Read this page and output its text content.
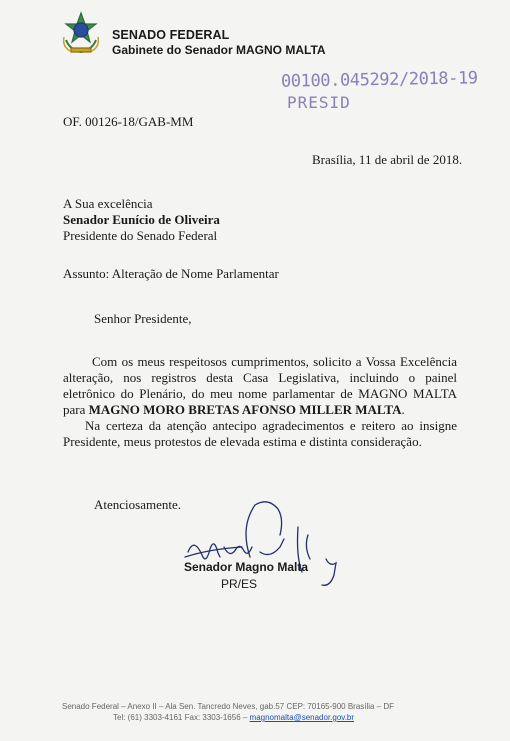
SENADO FEDERAL
Gabinete do Senador MAGNO MALTA
00100.045292/2018-19
PRESID
OF. 00126-18/GAB-MM
Brasília, 11 de abril de 2018.
A Sua excelência
Senador Eunício de Oliveira
Presidente do Senado Federal
Assunto: Alteração de Nome Parlamentar
Senhor Presidente,

Com os meus respeitosos cumprimentos, solicito a Vossa Excelência alteração, nos registros desta Casa Legislativa, incluindo o painel eletrônico do Plenário, do meu nome parlamentar de MAGNO MALTA para MAGNO MORO BRETAS AFONSO MILLER MALTA.

Na certeza da atenção antecipo agradecimentos e reitero ao insigne Presidente, meus protestos de elevada estima e distinta consideração.

Atenciosamente.
Senador Magno Malta
PR/ES
Senado Federal – Anexo II – Ala Sen. Tancredo Neves, gab.57 CEP: 70165-900 Brasília – DF
Tel: (61) 3303-4161 Fax: 3303-1656 – magnomalta@senador.gov.br
